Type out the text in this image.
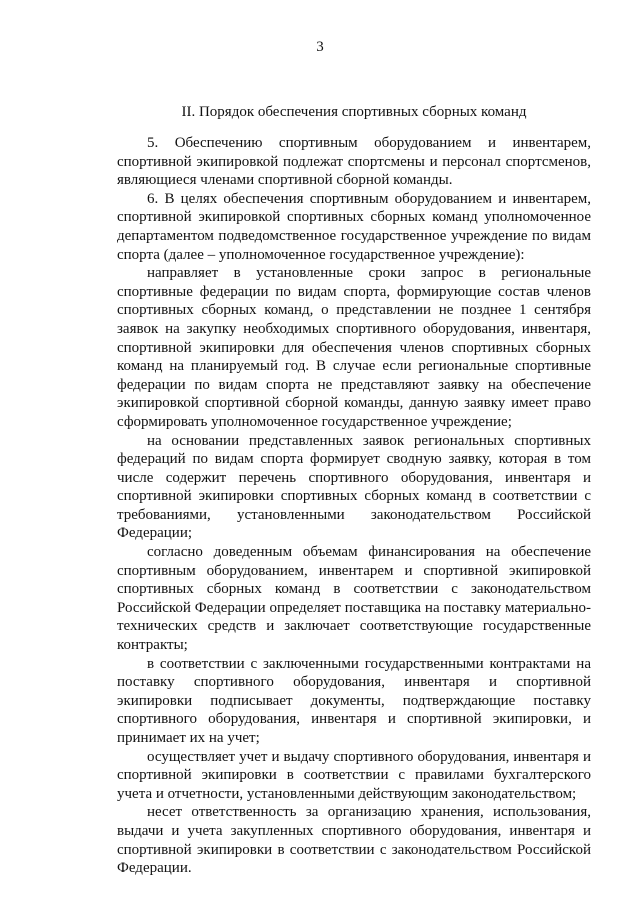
3
II. Порядок обеспечения спортивных сборных команд

5. Обеспечению спортивным оборудованием и инвентарем, спортивной экипировкой подлежат спортсмены и персонал спортсменов, являющиеся членами спортивной сборной команды.

6. В целях обеспечения спортивным оборудованием и инвентарем, спортивной экипировкой спортивных сборных команд уполномоченное департаментом подведомственное государственное учреждение по видам спорта (далее – уполномоченное государственное учреждение):

направляет в установленные сроки запрос в региональные спортивные федерации по видам спорта, формирующие состав членов спортивных сборных команд, о представлении не позднее 1 сентября заявок на закупку необходимых спортивного оборудования, инвентаря, спортивной экипировки для обеспечения членов спортивных сборных команд на планируемый год. В случае если региональные спортивные федерации по видам спорта не представляют заявку на обеспечение экипировкой спортивной сборной команды, данную заявку имеет право сформировать уполномоченное государственное учреждение;

на основании представленных заявок региональных спортивных федераций по видам спорта формирует сводную заявку, которая в том числе содержит перечень спортивного оборудования, инвентаря и спортивной экипировки спортивных сборных команд в соответствии с требованиями, установленными законодательством Российской Федерации;

согласно доведенным объемам финансирования на обеспечение спортивным оборудованием, инвентарем и спортивной экипировкой спортивных сборных команд в соответствии с законодательством Российской Федерации определяет поставщика на поставку материально-технических средств и заключает соответствующие государственные контракты;

в соответствии с заключенными государственными контрактами на поставку спортивного оборудования, инвентаря и спортивной экипировки подписывает документы, подтверждающие поставку спортивного оборудования, инвентаря и спортивной экипировки, и принимает их на учет;

осуществляет учет и выдачу спортивного оборудования, инвентаря и спортивной экипировки в соответствии с правилами бухгалтерского учета и отчетности, установленными действующим законодательством;

несет ответственность за организацию хранения, использования, выдачи и учета закупленных спортивного оборудования, инвентаря и спортивной экипировки в соответствии с законодательством Российской Федерации.
